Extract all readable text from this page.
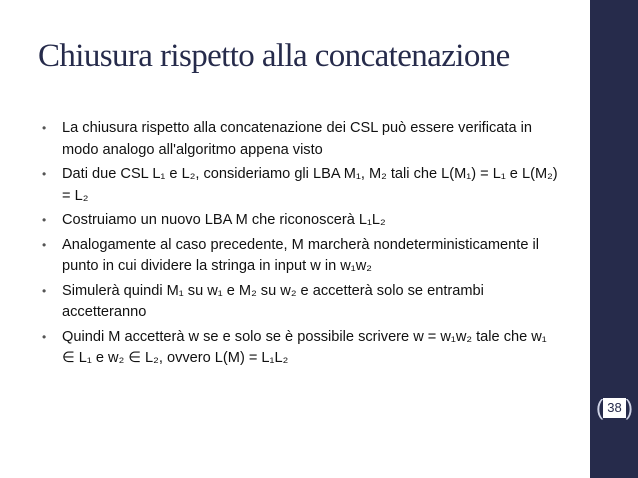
Chiusura rispetto alla concatenazione
• La chiusura rispetto alla concatenazione dei CSL può essere verificata in modo analogo all'algoritmo appena visto
• Dati due CSL L₁ e L₂, consideriamo gli LBA M₁, M₂ tali che L(M₁) = L₁ e L(M₂) = L₂
• Costruiamo un nuovo LBA M che riconoscerà L₁L₂
• Analogamente al caso precedente, M marcherà nondeterministicamente il punto in cui dividere la stringa in input w in w₁w₂
• Simulerà quindi M₁ su w₁ e M₂ su w₂ e accetterà solo se entrambi accetteranno
• Quindi M accetterà w se e solo se è possibile scrivere w = w₁w₂ tale che w₁ ∈ L₁ e w₂ ∈ L₂, ovvero L(M) = L₁L₂
( 38 )
